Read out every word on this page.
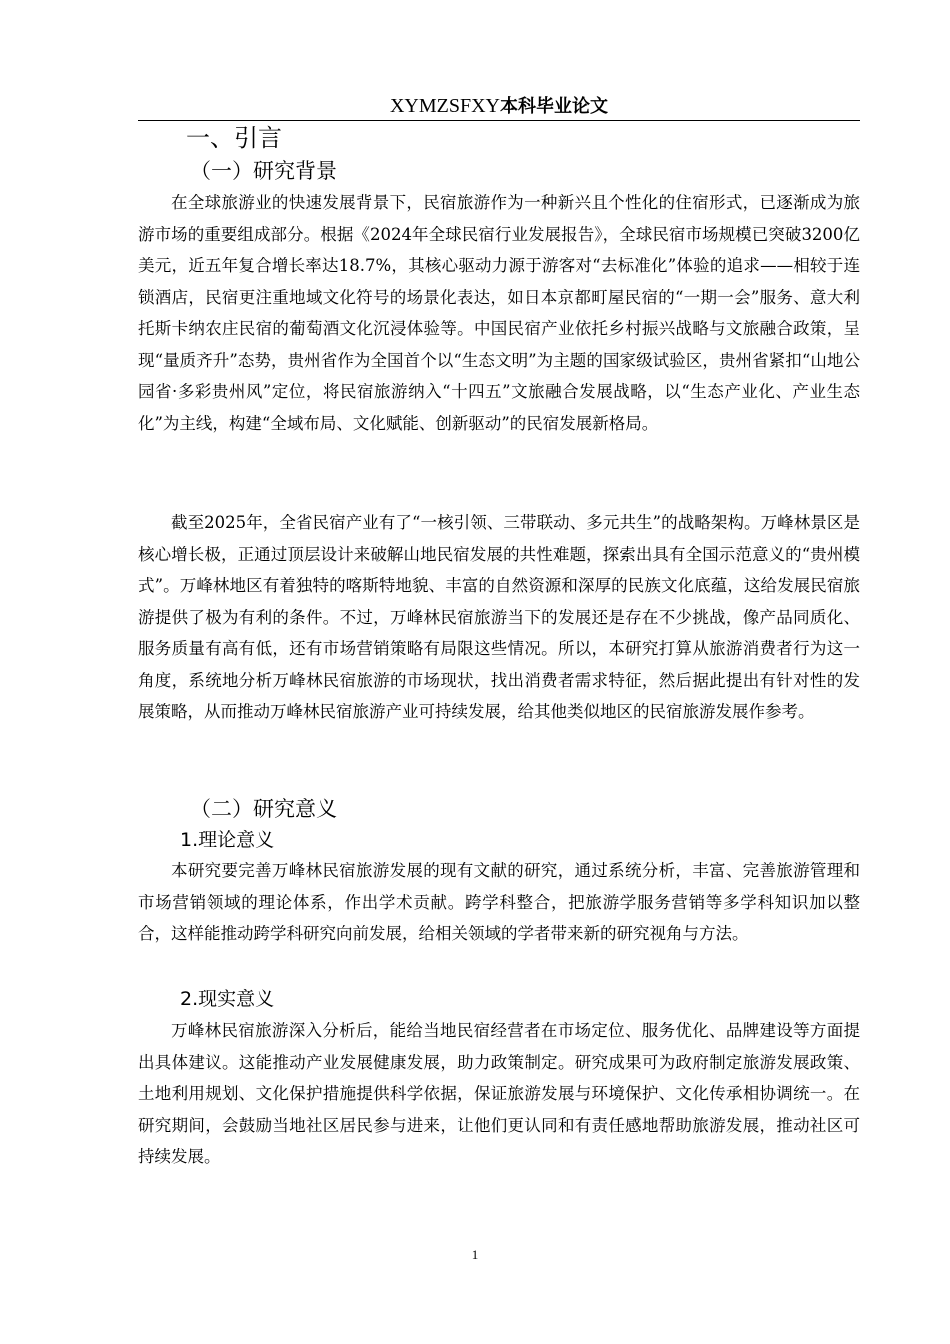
XYMZSFXY本科毕业论文
一、引言
（一）研究背景

在全球旅游业的快速发展背景下，民宿旅游作为一种新兴且个性化的住宿形式，已逐渐成为旅游市场的重要组成部分。根据《2024年全球民宿行业发展报告》，全球民宿市场规模已突破3200亿美元，近五年复合增长率达18.7%，其核心驱动力源于游客对“去标准化”体验的追求——相较于连锁酒店，民宿更注重地域文化符号的场景化表达，如日本京都町屋民宿的“一期一会”服务、意大利托斯卡纳农庄民宿的葡萄酒文化沉浸体验等。中国民宿产业依托乡村振兴战略与文旅融合政策，呈现“量质齐升”态势，贵州省作为全国首个以“生态文明”为主题的国家级试验区，贵州省紧扣“山地公园省·多彩贵州风”定位，将民宿旅游纳入“十四五”文旅融合发展战略，以“生态产业化、产业生态化”为主线，构建“全域布局、文化赋能、创新驱动”的民宿发展新格局。

截至2025年，全省民宿产业有了“一核引领、三带联动、多元共生”的战略架构。万峰林景区是核心增长极，正通过顶层设计来破解山地民宿发展的共性难题，探索出具有全国示范意义的“贵州模式”。万峰林地区有着独特的喀斯特地貌、丰富的自然资源和深厚的民族文化底蕴，这给发展民宿旅游提供了极为有利的条件。不过，万峰林民宿旅游当下的发展还是存在不少挑战，像产品同质化、服务质量有高有低，还有市场营销策略有局限这些情况。所以，本研究打算从旅游消费者行为这一角度，系统地分析万峰林民宿旅游的市场现状，找出消费者需求特征，然后据此提出有针对性的发展策略，从而推动万峰林民宿旅游产业可持续发展，给其他类似地区的民宿旅游发展作参考。

（二）研究意义
1.理论意义

本研究要完善万峰林民宿旅游发展的现有文献的研究，通过系统分析，丰富、完善旅游管理和市场营销领域的理论体系，作出学术贡献。跨学科整合，把旅游学服务营销等多学科知识加以整合，这样能推动跨学科研究向前发展，给相关领域的学者带来新的研究视角与方法。

2.现实意义

万峰林民宿旅游深入分析后，能给当地民宿经营者在市场定位、服务优化、品牌建设等方面提出具体建议。这能推动产业发展健康发展，助力政策制定。研究成果可为政府制定旅游发展政策、土地利用规划、文化保护措施提供科学依据，保证旅游发展与环境保护、文化传承相协调统一。在研究期间，会鼓励当地社区居民参与进来，让他们更认同和有责任感地帮助旅游发展，推动社区可持续发展。

1
